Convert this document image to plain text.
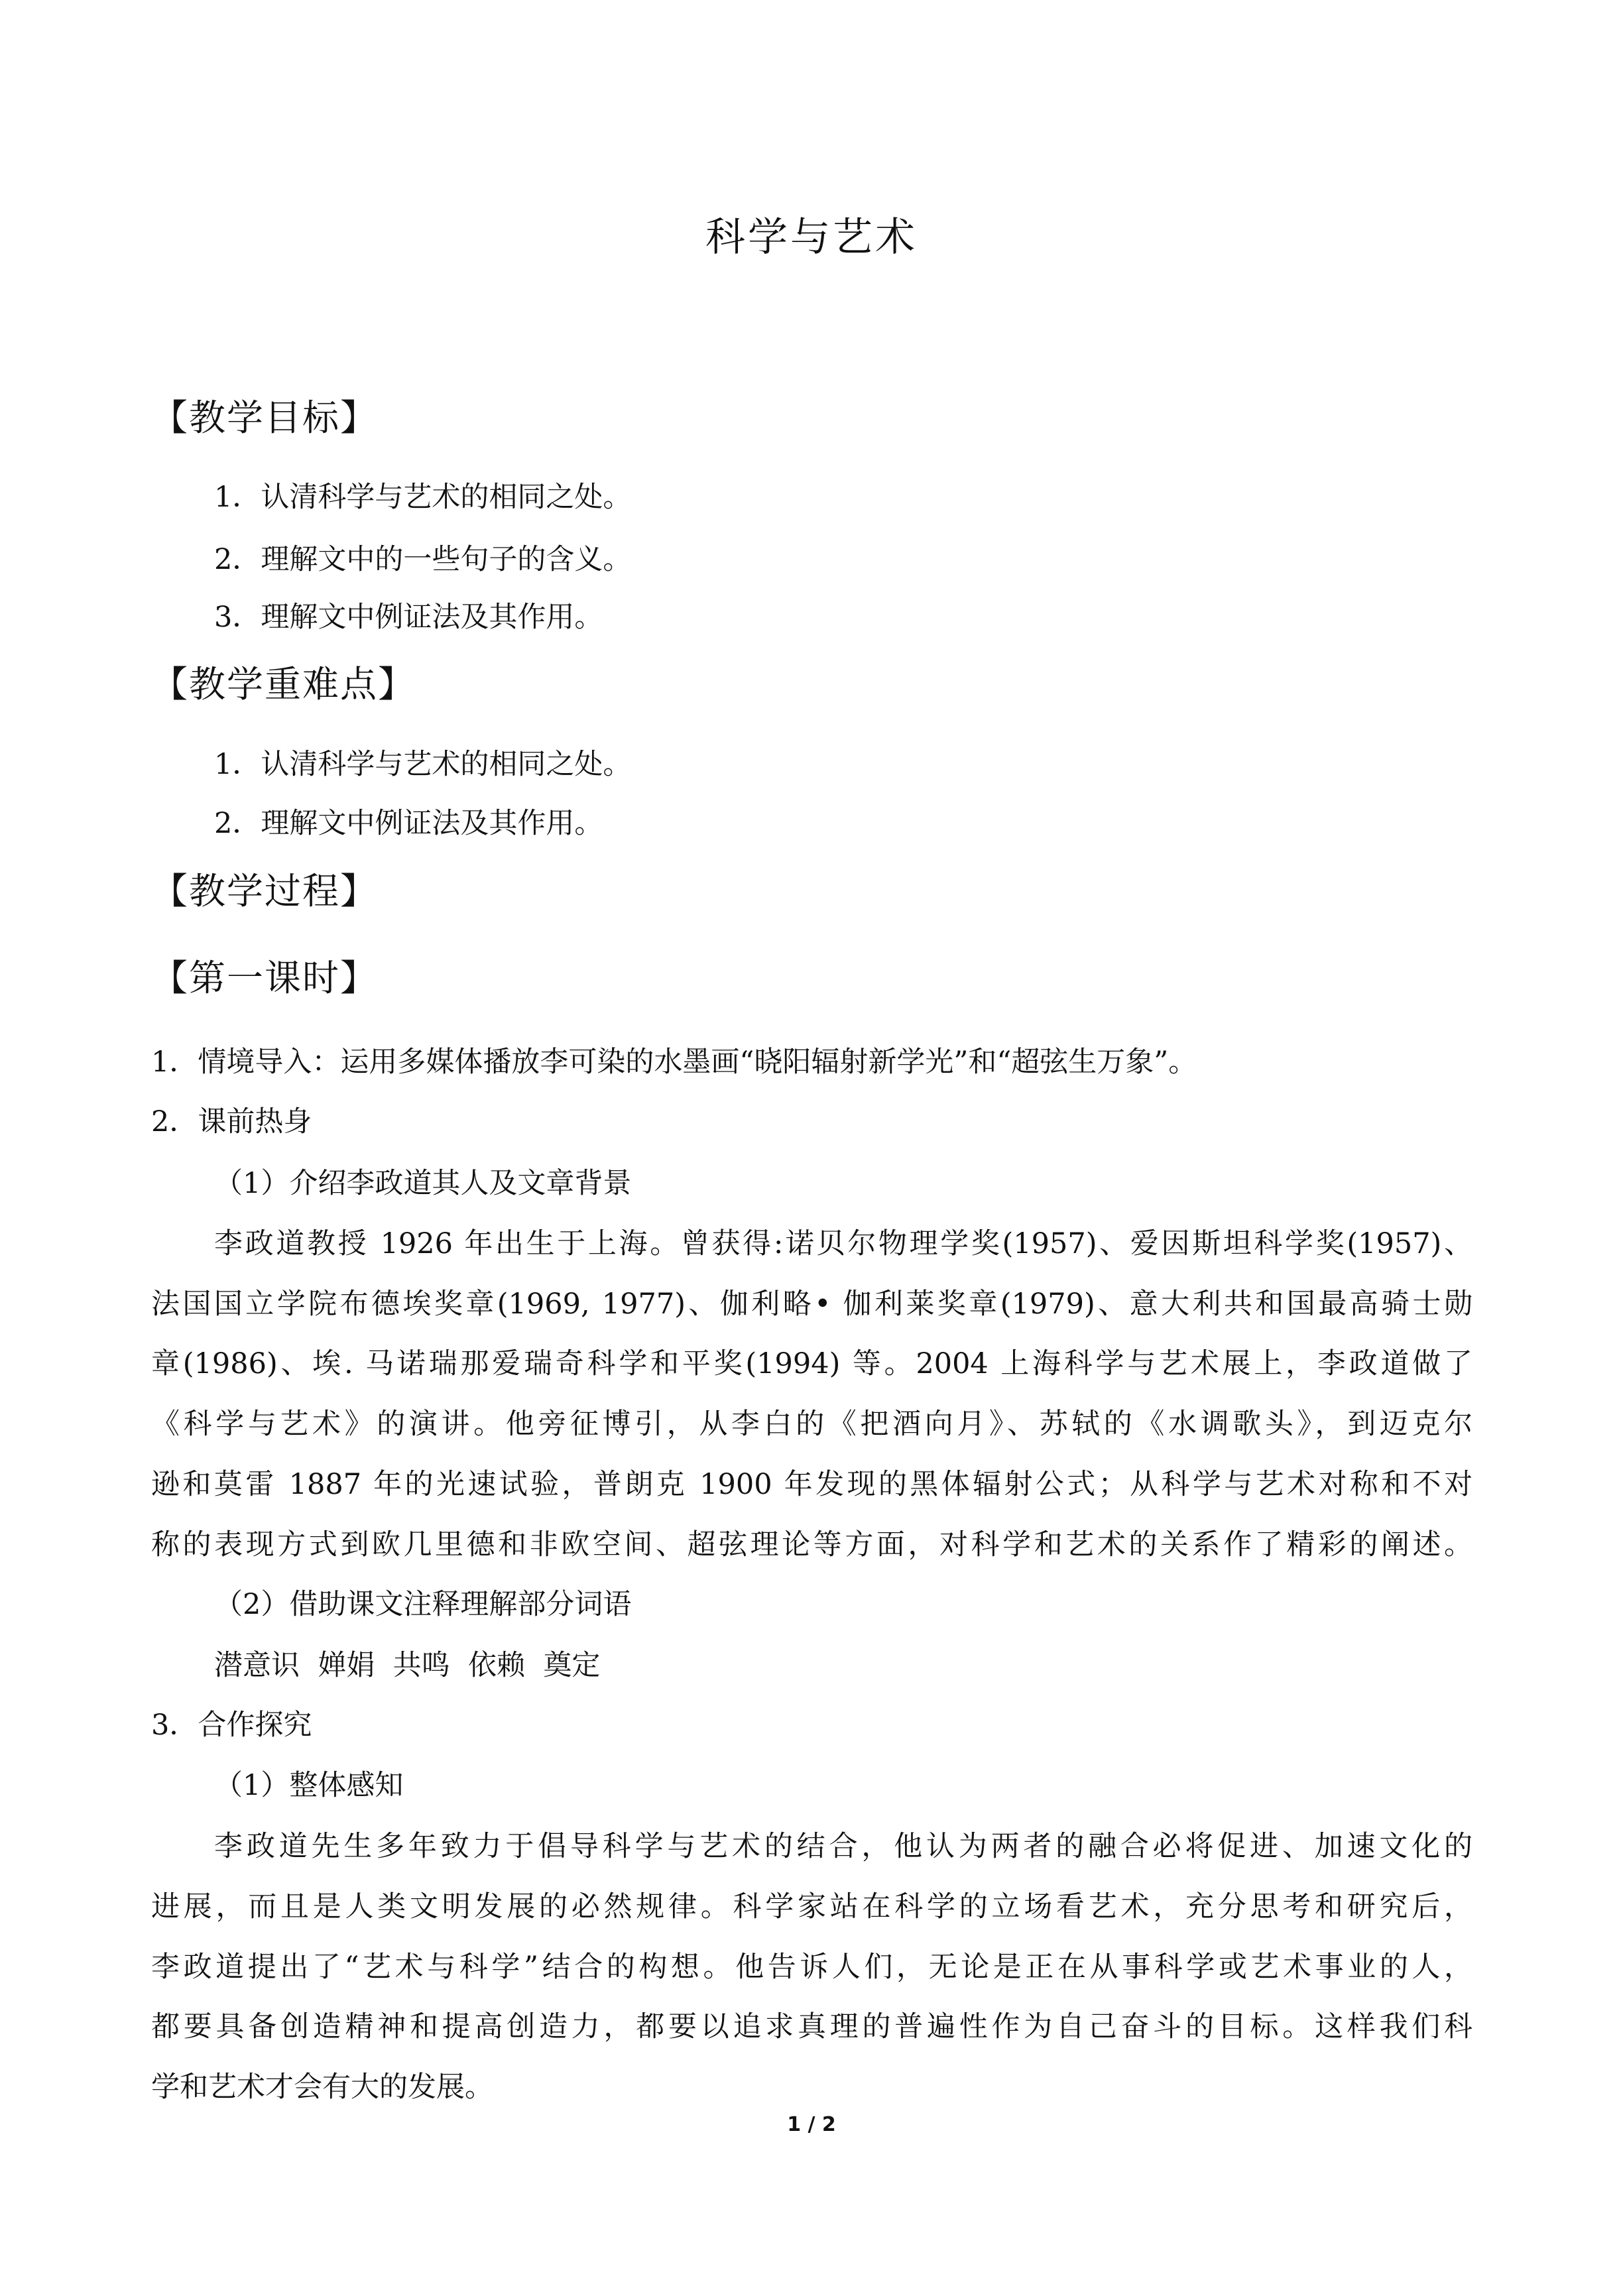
科学与艺术
【教学目标】
1．认清科学与艺术的相同之处。
2．理解文中的一些句子的含义。
3．理解文中例证法及其作用。
【教学重难点】
1．认清科学与艺术的相同之处。
2．理解文中例证法及其作用。
【教学过程】
【第一课时】
1．情境导入：运用多媒体播放李可染的水墨画“晓阳辐射新学光”和“超弦生万象”。
2．课前热身
（1）介绍李政道其人及文章背景
李政道教授 1926 年出生于上海。曾获得:诺贝尔物理学奖(1957)、爱因斯坦科学奖(1957)、
法国国立学院布德埃奖章(1969, 1977)、伽利略• 伽利莱奖章(1979)、意大利共和国最高骑士勋
章(1986)、埃. 马诺瑞那爱瑞奇科学和平奖(1994) 等。2004 上海科学与艺术展上，李政道做了
《科学与艺术》的演讲。他旁征博引，从李白的《把酒向月》、苏轼的《水调歌头》，到迈克尔
逊和莫雷 1887 年的光速试验，普朗克 1900 年发现的黑体辐射公式；从科学与艺术对称和不对
称的表现方式到欧几里德和非欧空间、超弦理论等方面，对科学和艺术的关系作了精彩的阐述。
（2）借助课文注释理解部分词语
潜意识  婵娟  共鸣  依赖  奠定
3．合作探究
（1）整体感知
李政道先生多年致力于倡导科学与艺术的结合，他认为两者的融合必将促进、加速文化的
进展，而且是人类文明发展的必然规律。科学家站在科学的立场看艺术，充分思考和研究后，
李政道提出了“艺术与科学”结合的构想。他告诉人们，无论是正在从事科学或艺术事业的人，
都要具备创造精神和提高创造力，都要以追求真理的普遍性作为自己奋斗的目标。这样我们科
学和艺术才会有大的发展。
1 / 2
